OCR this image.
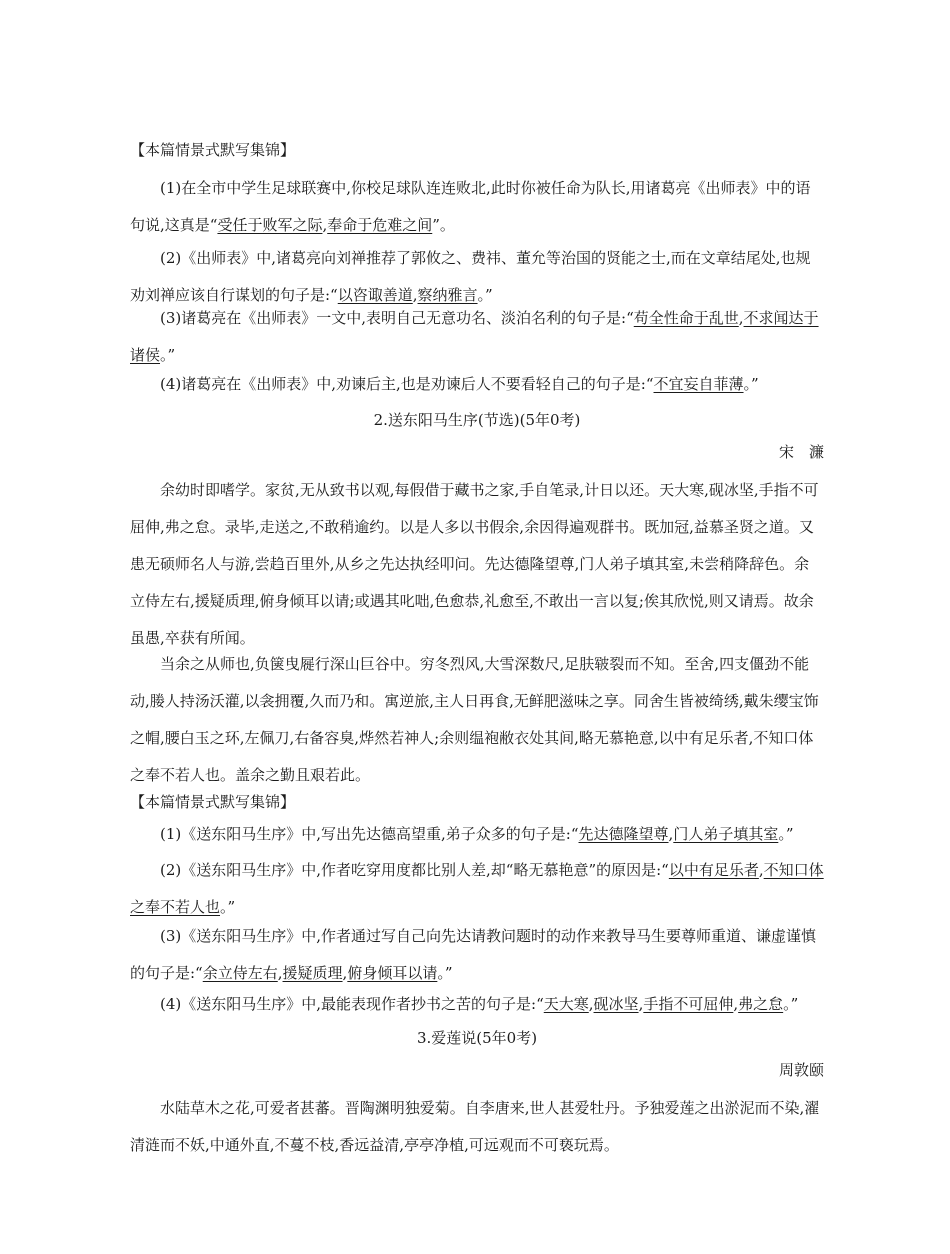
【本篇情景式默写集锦】
(1)在全市中学生足球联赛中,你校足球队连连败北,此时你被任命为队长,用诸葛亮《出师表》中的语句说,这真是“受任于败军之际,奉命于危难之间”。
(2)《出师表》中,诸葛亮向刘禅推荐了郭攸之、费祎、董允等治国的贤能之士,而在文章结尾处,也规劝刘禅应该自行谋划的句子是:“以咨诹善道,察纳雅言。”
(3)诸葛亮在《出师表》一文中,表明自己无意功名、淡泊名利的句子是:“苟全性命于乱世,不求闻达于诸侯。”
(4)诸葛亮在《出师表》中,劝谏后主,也是劝谏后人不要看轻自己的句子是:“不宜妄自菲薄。”
2.送东阳马生序(节选)(5年0考)
宋　濂
余幼时即嗜学。家贫,无从致书以观,每假借于藏书之家,手自笔录,计日以还。天大寒,砚冰坚,手指不可屈伸,弗之怠。录毕,走送之,不敢稍逾约。以是人多以书假余,余因得遍观群书。既加冠,益慕圣贤之道。又患无硕师名人与游,尝趋百里外,从乡之先达执经叩问。先达德隆望尊,门人弟子填其室,未尝稍降辞色。余立侍左右,援疑质理,俯身倾耳以请;或遇其叱咄,色愈恭,礼愈至,不敢出一言以复;俟其欣悦,则又请焉。故余虽愚,卒获有所闻。
当余之从师也,负箧曳屣行深山巨谷中。穷冬烈风,大雪深数尺,足肤皲裂而不知。至舍,四支僵劲不能动,媵人持汤沃灌,以衾拥覆,久而乃和。寓逆旅,主人日再食,无鲜肥滋味之享。同舍生皆被绮绣,戴朱缨宝饰之帽,腰白玉之环,左佩刀,右备容臭,烨然若神人;余则缊袍敝衣处其间,略无慕艳意,以中有足乐者,不知口体之奉不若人也。盖余之勤且艰若此。
【本篇情景式默写集锦】
(1)《送东阳马生序》中,写出先达德高望重,弟子众多的句子是:“先达德隆望尊,门人弟子填其室。”
(2)《送东阳马生序》中,作者吃穿用度都比别人差,却“略无慕艳意”的原因是:“以中有足乐者,不知口体之奉不若人也。”
(3)《送东阳马生序》中,作者通过写自己向先达请教问题时的动作来教导马生要尊师重道、谦虚谨慎的句子是:“余立侍左右,援疑质理,俯身倾耳以请。”
(4)《送东阳马生序》中,最能表现作者抄书之苦的句子是:“天大寒,砚冰坚,手指不可屈伸,弗之怠。”
3.爱莲说(5年0考)
周敦颐
水陆草木之花,可爱者甚蕃。晋陶渊明独爱菊。自李唐来,世人甚爱牡丹。予独爱莲之出淤泥而不染,濯清涟而不妖,中通外直,不蔓不枝,香远益清,亭亭净植,可远观而不可亵玩焉。
